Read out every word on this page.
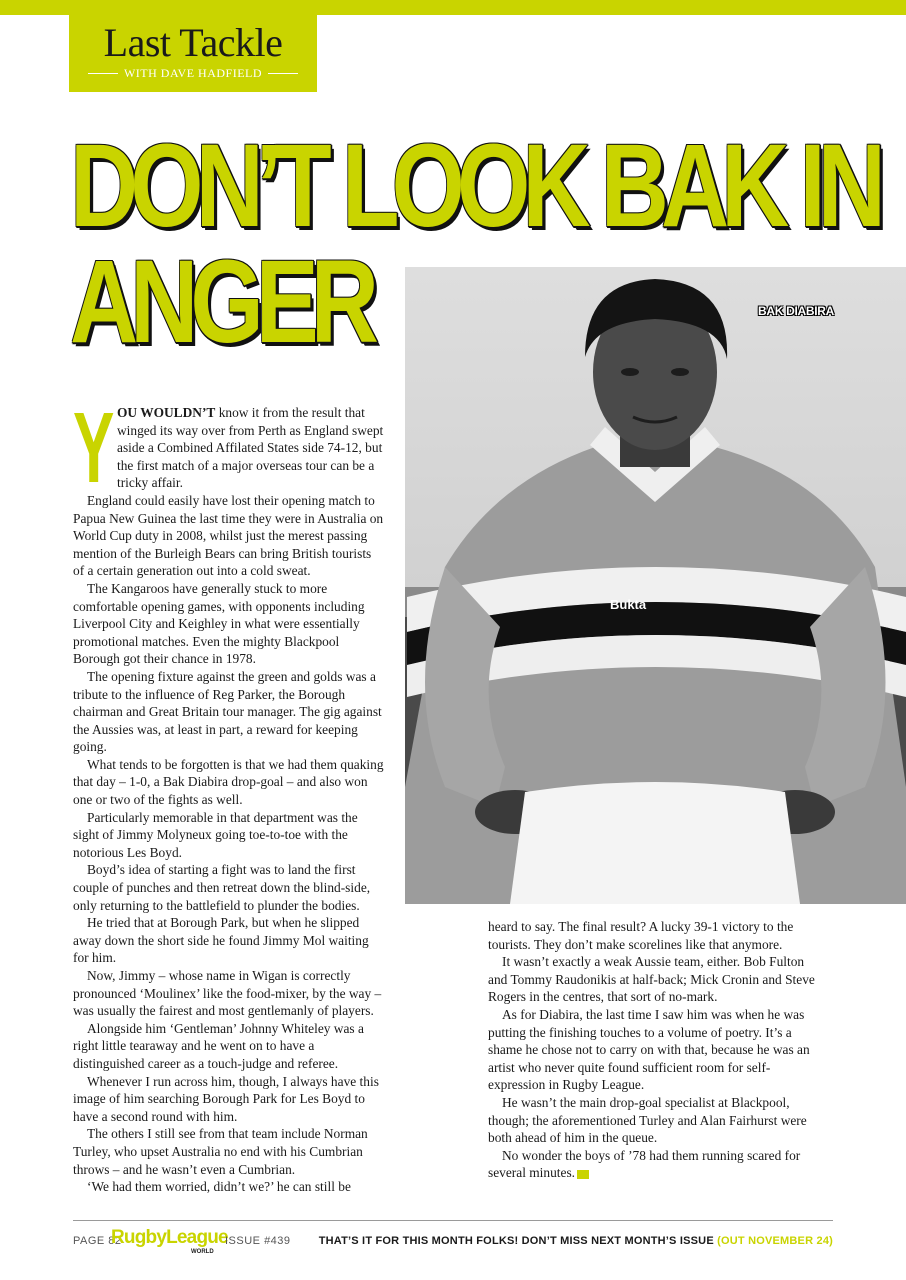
Last Tackle
WITH DAVE HADFIELD
DON’T LOOK BAK IN
ANGER
Bukta
BAK DIABIRA

YOU WOULDN’T know it from the result that winged its way over from Perth as England swept aside a Combined Affilated States side 74-12, but the first match of a major overseas tour can be a tricky affair.

England could easily have lost their opening match to Papua New Guinea the last time they were in Australia on World Cup duty in 2008, whilst just the merest passing mention of the Burleigh Bears can bring British tourists of a certain generation out into a cold sweat.

The Kangaroos have generally stuck to more comfortable opening games, with opponents including Liverpool City and Keighley in what were essentially promotional matches. Even the mighty Blackpool Borough got their chance in 1978.

The opening fixture against the green and golds was a tribute to the influence of Reg Parker, the Borough chairman and Great Britain tour manager. The gig against the Aussies was, at least in part, a reward for keeping going.

What tends to be forgotten is that we had them quaking that day – 1-0, a Bak Diabira drop-goal – and also won one or two of the fights as well.

Particularly memorable in that department was the sight of Jimmy Molyneux going toe-to-toe with the notorious Les Boyd.

Boyd’s idea of starting a fight was to land the first couple of punches and then retreat down the blind-side, only returning to the battlefield to plunder the bodies.

He tried that at Borough Park, but when he slipped away down the short side he found Jimmy Mol waiting for him.

Now, Jimmy – whose name in Wigan is correctly pronounced ‘Moulinex’ like the food-mixer, by the way – was usually the fairest and most gentlemanly of players.

Alongside him ‘Gentleman’ Johnny Whiteley was a right little tearaway and he went on to have a distinguished career as a touch-judge and referee.

Whenever I run across him, though, I always have this image of him searching Borough Park for Les Boyd to have a second round with him.

The others I still see from that team include Norman Turley, who upset Australia no end with his Cumbrian throws – and he wasn’t even a Cumbrian.

‘We had them worried, didn’t we?’ he can still be

heard to say. The final result? A lucky 39-1 victory to the tourists. They don’t make scorelines like that anymore.

It wasn’t exactly a weak Aussie team, either. Bob Fulton and Tommy Raudonikis at half-back; Mick Cronin and Steve Rogers in the centres, that sort of no-mark.

As for Diabira, the last time I saw him was when he was putting the finishing touches to a volume of poetry. It’s a shame he chose not to carry on with that, because he was an artist who never quite found sufficient room for self-expression in Rugby League.

He wasn’t the main drop-goal specialist at Blackpool, though; the aforementioned Turley and Alan Fairhurst were both ahead of him in the queue.

No wonder the boys of ’78 had them running scared for several minutes.

PAGE 82
RugbyLeague
WORLD
ISSUE #439	THAT’S IT FOR THIS MONTH FOLKS! DON’T MISS NEXT MONTH’S ISSUE (OUT NOVEMBER 24)
